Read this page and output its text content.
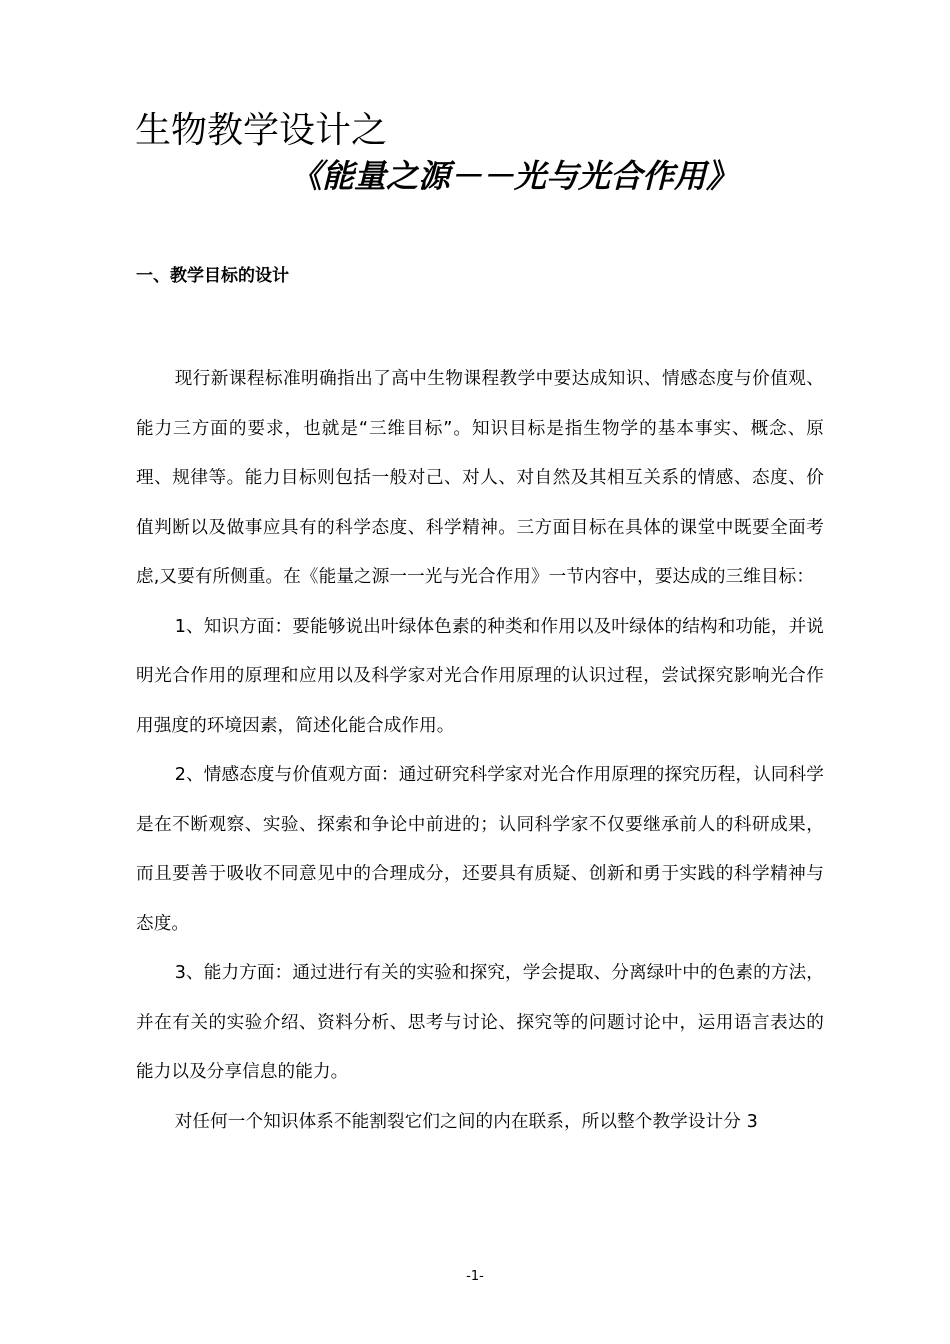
生物教学设计之
《能量之源－－光与光合作用》
一、教学目标的设计

现行新课程标准明确指出了高中生物课程教学中要达成知识、情感态度与价值观、能力三方面的要求，也就是“三维目标”。知识目标是指生物学的基本事实、概念、原理、规律等。能力目标则包括一般对己、对人、对自然及其相互关系的情感、态度、价值判断以及做事应具有的科学态度、科学精神。三方面目标在具体的课堂中既要全面考虑,又要有所侧重。在《能量之源一一光与光合作用》一节内容中，要达成的三维目标：

1、知识方面：要能够说出叶绿体色素的种类和作用以及叶绿体的结构和功能，并说明光合作用的原理和应用以及科学家对光合作用原理的认识过程，尝试探究影响光合作用强度的环境因素，简述化能合成作用。

2、情感态度与价值观方面：通过研究科学家对光合作用原理的探究历程，认同科学是在不断观察、实验、探索和争论中前进的；认同科学家不仅要继承前人的科研成果，而且要善于吸收不同意见中的合理成分，还要具有质疑、创新和勇于实践的科学精神与态度。

3、能力方面：通过进行有关的实验和探究，学会提取、分离绿叶中的色素的方法，并在有关的实验介绍、资料分析、思考与讨论、探究等的问题讨论中，运用语言表达的能力以及分享信息的能力。

对任何一个知识体系不能割裂它们之间的内在联系，所以整个教学设计分 3

-1-
